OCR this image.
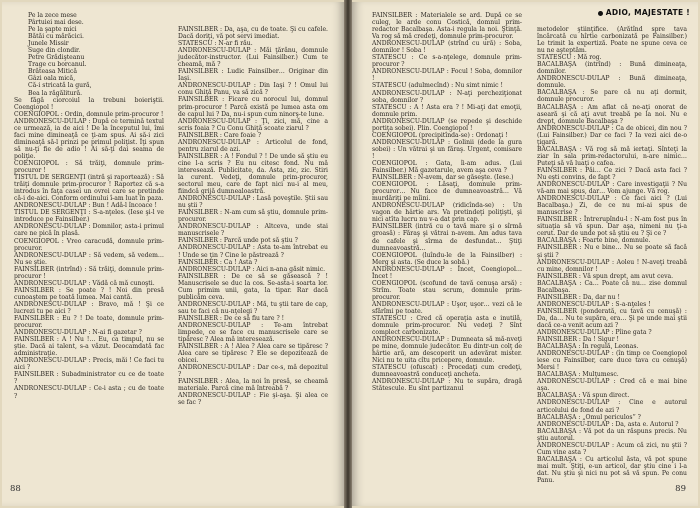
Pe la zece mese

Pârtuiei mai dese.

Pe la şapte mici

Bătăi cu mărăcici.

Junele Missir

Suge din clondir.

Petre Grădişteanu

Trage cu borcanul.

Brăteasa Mitică

Gâzi oala mică,

Că-i stricată la gură,

Bea la răgălitură.

Se făgă ciorcoiul la trebuni boieriştii. Coengiopol !

COENGIOPOL : Ordin, domnule prim-procuror !

ANDRONESCU-DULAP : După ce termină textul ce urmează, ia de aici ! De la începutul lui, îmi faci mine dimineaţă ce ţi-am spus. Ai să-i zici dimineaţă să-l prinzi pe primul poliţist. Îţi spun să nu-ţi fie de adio ! Ai să-ţi dai seama de poliţie.

COENGIOPOL : Să trăiţi, domnule prim-procuror !

TISTUL DE SERGENŢI (intră şi raportează) : Să trăiţi domnule prim-procuror ! Raportez că s-a introdus în faţa casei un ovrei care se pretinde că-i de-aici. Conform ordinului î-am luat în paza.

ANDRONESCU-DULAP : Bun ! Adă-l încoace !

TISTUL DE SERGENŢI : S-a-nţeles. (Iese şi-l ve introduce pe Fainsilber.)

ANDRONESCU-DULAP : Domnilor, asta-i primul care ne pică în plasă.

COENGIOPOL : Vreo caracudă, domnule prim-procuror.

ANDRONESCU-DULAP : Să vedem, să vedem… Nu se ştie.

FAINSILBER (intrînd) : Să trăiţi, domnule prim-procuror !

ANDRONESCU-DULAP : Vădă că mă cunoşti.

FAINSILBER : Se poate ? ! Noi din presă cunoaştem pe toată lumea. Mai cantă.

ANDRONESCU-DULAP : Bravo, mă ! Şi ce lucrezi tu pe aici ?

FAINSILBER : Eu ? ! De toate, domnule prim-procuror.

ANDRONESCU-DULAP : N-ai fi gazetar ?

FAINSILBER : A ! Nu !… Eu, ca timpul, nu se ştie. Dacă ai talent, s-a văzut. Deocamdată fac administraţie.

ANDRONESCU-DULAP : Precis, măi ! Ce faci tu aici ?

FAINSILBER : Subadministrator cu ce de toate ?

ANDRONESCU-DULAP : Ce-i asta ; cu de toate ?

FAINSILBER : Da, aşa, cu de toate. Şi cu cafele. Dacă doriţi, vă pot servi imediat.

STATESCU : N-ar fi rău.

ANDRONESCU-DULAP : Măi ţărănu, domnule judecător-instructor. (Lui Fainsilber.) Cum te cheamă, mă ?

FAINSILBER : Ludic Fainsilber… Originar din Iaşi.

ANDRONESCU-DULAP : Din Iaşi ? ! Omul lui conu Ghiţă Panu, va să zică ?

FAINSILBER : Ficare cu norocul lui, domnul prim-procuror ! Parcă există pe lumea asta om de capul lui ? Da, nu-i spun cum ninorş-te lune.

ANDRONESCU-DULAP : Ţi, zici, mă, cine a scris foaia ? Cu Conu Ghiţă scoate ziarul ?

FAINSILBER : Care foaie ?

ANDRONESCU-DULAP : Articolul de fond, pentru ziarul de azi.

FAINSILBER : A ! Fondul ? ! De unde să ştiu eu cine l-a scris ? Eu nu citesc fond. Nu mă interesează. Publicitate, da. Asta, zic, zic. Stiri la curent. Vedeţi, domnule prim-procuror, sectorul meu, care de fapt nici nu-i al meu, fiindcă grijă dumnealoastră.

ANDRONESCU-DULAP : Lasă poveştile. Ştii sau nu ştii ?

FAINSILBER : N-am cum să ştiu, domnule prim-procuror.

ANDRONESCU-DULAP : Altceva, unde stai manuscrisele ?

FAINSILBER : Parcă unde pot să ştiu ?

ANDRONESCU-DULAP : Asta te-am întrebat eu ! Unde se ţin ? Cine le păstrează ?

FAINSILBER : Ca ! Asta ?

ANDRONESCU-DULAP : Aici n-ana găsit nimic.

FAINSILBER : De ce să se găsească ? ! Manuscrisele se duc la cos. Se-asta-i soarta lor. Cum primim unii, gata, la tipar. Rar dacă publicăm ceva.

ANDRONESCU-DULAP : Mă, tu ştii tare de cap, sau te faci că nu-nţelegi ?

FAINSILBER : De ce să fiu tare ? !

ANDRONESCU-DULAP : Te-am întrebat limpede, ce se face cu manuscrisele care se tipăresc ? Alea mă interesează.

FAINSILBER : A ! Alea ? Alea care se tipăresc ? Alea care se tipăresc ? Ele se depozitează de obicei.

ANDRONESCU-DULAP : Dar ce-s, mă depozitul ?

FAINSILBER : Alea, la noi în presă, se cheamă materiale. Parcă cine mă întreabă ?

ANDRONESCU-DULAP : Fie şi-aşa. Şi alea ce se fac ?

88
ADIO, MAJESTATE !

FAINSILBER : Materialele se ard. După ce se culeg, le arde conu Costică, domnul prim-redactor Bacalbaşa. Asta-i regula la noi. Ştinţă. Va rog să mă credeţi, domnule prim-procuror.

ANDRONESCU-DULAP (strînd cu ură) : Soba, domnilor ! Soba !

STATESCU : Ce s-a-nţelege, domnule prim-procuror ?

ANDRONESCU-DULAP : Focul ! Soba, domnilor !

STATESCU (adulmecînd) : Nu simt nimic !

ANDRONESCU-DULAP : N-aţi percheziţionat soba, domnilor ?

STATESCU : A ! Asta era ? ! Mi-aţi dat emoţii, domnule prim.

ANDRONESCU-DULAP (se repede şi deschide portiţa sobei). Plin. Coengiopol !

COENGIOPOL (precipitînda-se) : Ordonaţi !

ANDRONESCU-DULAP : Golinii (dede la gura sobei) : Un vătrai şi un făraş. Urgent, comisare !

COENGIOPOL : Gata, îi-am adus. (Lui Fainsilber.) Mă gazetarule, avem aşa ceva ?

FAINSILBER : N-avem, dar se găseşte. (Iese.)

COENGIOPOL : Lăsaţi, domnule prim-procuror… Nu face de dumneavoastră… Vă murdăriţi pe mîini.

ANDRONESCU-DULAP (ridicînda-se) : Un vagon de hârtie ars. Va pretindeţi poliţişti, şi nici atîta lucru nu v-a dat prin cap.

FAINSILBER (intră cu o tavă mare şi o sîrmă groasă) : Făraş şi vătrai n-avem. Am adus tava de cafele şi sîrma de desfundat… Ştiţi dumneavoastră…

COENGIOPOL (luîndu-le de la Fainsilber) : Merg şi asta. (Se duce la sobă.)

ANDRONESCU-DULAP : Încet, Coengiopol… Încet !

COENGIOPOL (scofund de tavă cenuşa arsă) : Strîm. Toate stau scrum, domnule prim-procuror.

ANDRONESCU-DULAP : Uşor, uşor… vezi că le sfărîmi pe toate.

STATESCU : Cred că operaţia asta e inutilă, domnule prim-procuror. Nu vedeţi ? Sînt complect carbonizate.

ANDRONESCU-DULAP : Dumneata să mă-nveţi pe mine, domnule judecător. Eu dintr-un colţ de hârtie ară, am descoperit un adevărat mister. Nici nu te uita cîtu pricepere, domnule.

STATESCU (ofuscat) : Procedaţi cum credeţi, dumneavoastră conduceţi ancheta.

ANDRONESCU-DULAP : Nu te supăra, dragă Stătescule. Eu sînt partizanul

metodelor ştiinţifice. (Arătînd spre tava încărcată cu hîrtie carbonizată pe Fainsilber.) Le trimit la expertiză. Poate ne spune ceva ce nu ne aşteptăm.

STATESCU : Mă rog.

BACALBAŞA (intrînd) : Bună dimineaţa, domnilor.

ANDRONESCU-DULAP : Bună dimineaţa, domnule.

BACALBAŞA : Se pare că nu aţi dormit, domnule procuror.

BACALBAŞA : Am aflat că ne-aţi onorat de aseară şi că aţi avut treabă pe la noi. Nu e drept, domnule Bacalbaşa ?

ANDRONESCU-DULAP : Ca de obicei, din nou ? (Lui Fainsilber.) Dar ce faci ? Ia vezi aici de-o ţigară.

BACALBAŞA : Vă rog să mă iertaţi. Sînteţi la ziar în sala prim-redactorului, n-are nimic… Puteţi să vă luaţi o cafea.

FAINSILBER : Păi… Ce zici ? Dacă asta faci ? Nu eşti convins, de fapt ?

ANDRONESCU-DULAP : Care investigaţii ? Nu vă-am mai spus, dar… Vom ajunge. Vă rog.

ANDRONESCU-DULAP : Ce faci aici ? (Lui Bacalbaşa.) Zi, de ce nu mi-ai spus de manuscrise ?

FAINSILBER : Întrerupîndu-l : N-am fost pus în situaţia să vă spun. Dar aşa, nimeni nu ţi-a cerut. Dar de unde pot să ştiu eu ? Şi ce ?

BACALBAŞA : Foarte bine, domnule.

FAINSILBER : Nu e bine… Nu se poate să facă şi ştii ?

ANDRONESCU-DULAP : Aoleu ! N-aveţi treabă cu mine, domnilor !

FAINSILBER : Vă spun drept, am avut ceva.

BACALBAŞA : Ca… Poate că nu… zise domnul Bacalbaşa.

FAINSILBER : Da, dar nu !

ANDRONESCU-DULAP : S-a-nţeles !

FAINSILBER (ponderată, cu tavă cu cenuşă) : Da, da… Nu te supăra, era… Şi pe unde mai ştii dacă ce-a venit acum azi ?

ANDRONESCU-DULAP : Pîine gata ?

FAINSILBER : Da ! Sigur !

BACALBAŞA : În regulă, Leonas.

ANDRONESCU-DULAP : (în timp ce Coengiopol iese cu Fainsilber, care duce tava cu cenuşă) Mersi !

BACALBAŞA : Mulţumesc.

ANDRONESCU-DULAP : Cred că e mai bine aşa.

BACALBAŞA : Vă spun direct.

ANDRONESCU-DULAP : Cine e autorul articolului de fond de azi ?

BACALBAŞA : „Omul periculos” ?

ANDRONESCU-DULAP : Da, asta e. Autorul ?

BACALBAŞA : Vă pot da un răspuns precis. Nu ştiu autorul.

ANDRONESCU-DULAP : Acum că zici, nu ştii ? Cum vine asta ?

BACALBAŞA : Cu articolul ăsta, vă pot spune mai mult. Ştiţi, e-un articol, dar ştiu cine i l-a dat. Nu ştiu şi nici nu pot să vă spun. Pe conu Panu.

89
